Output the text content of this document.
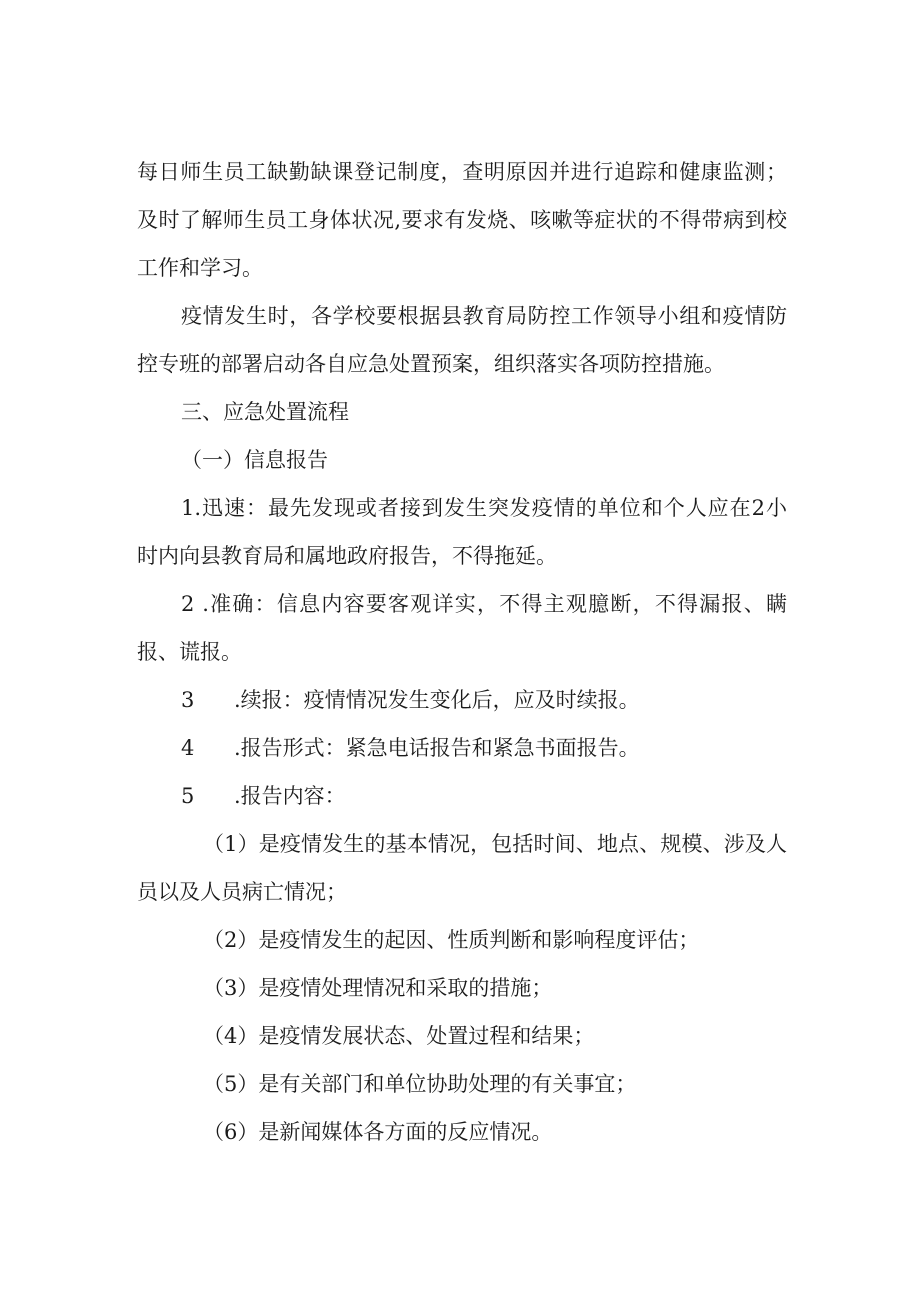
每日师生员工缺勤缺课登记制度，查明原因并进行追踪和健康监测；
及时了解师生员工身体状况,要求有发烧、咳嗽等症状的不得带病到校
工作和学习。
疫情发生时，各学校要根据县教育局防控工作领导小组和疫情防
控专班的部署启动各自应急处置预案，组织落实各项防控措施。
三、应急处置流程
（一）信息报告
1.迅速：最先发现或者接到发生突发疫情的单位和个人应在2小
时内向县教育局和属地政府报告，不得拖延。
2 .准确：信息内容要客观详实，不得主观臆断，不得漏报、瞒
报、谎报。
3 .续报：疫情情况发生变化后，应及时续报。
4 .报告形式：紧急电话报告和紧急书面报告。
5 .报告内容：
（1）是疫情发生的基本情况，包括时间、地点、规模、涉及人
员以及人员病亡情况；
（2）是疫情发生的起因、性质判断和影响程度评估；
（3）是疫情处理情况和采取的措施；
（4）是疫情发展状态、处置过程和结果；
（5）是有关部门和单位协助处理的有关事宜；
（6）是新闻媒体各方面的反应情况。
